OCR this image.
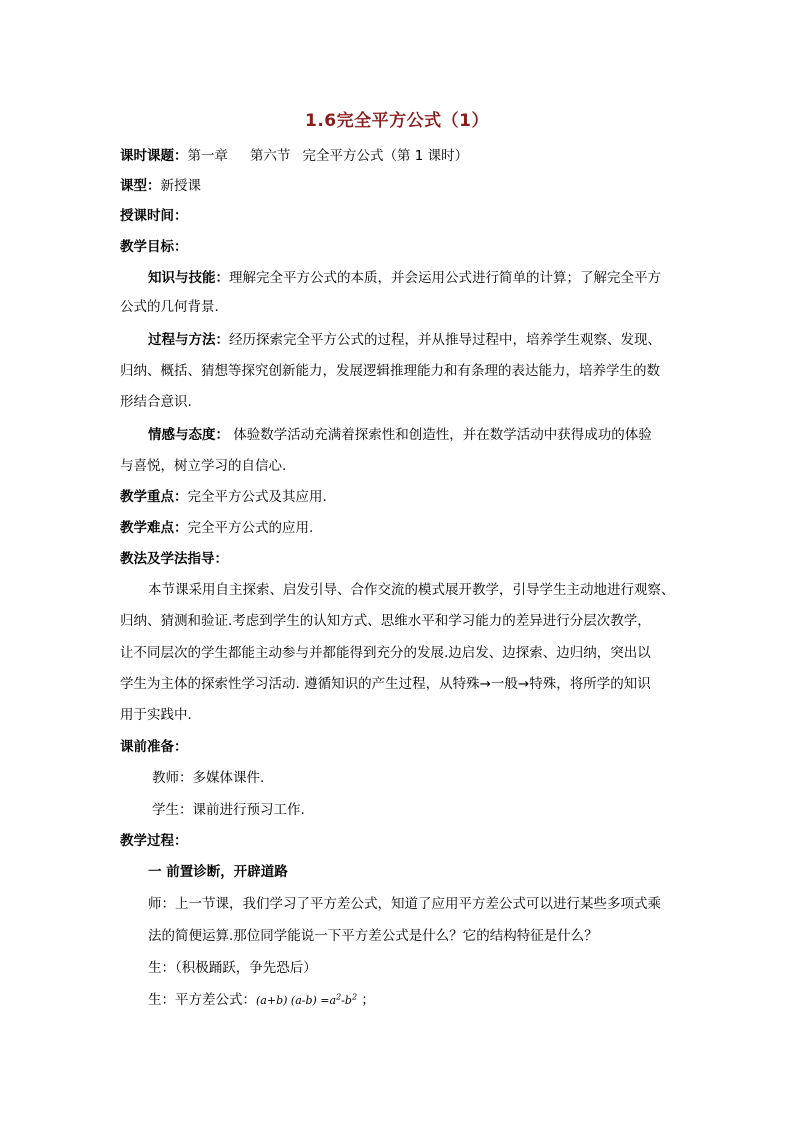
1.6完全平方公式（1）
课时课题：第一章 第六节 完全平方公式（第 1 课时）
课型：新授课
授课时间：
教学目标：
知识与技能：理解完全平方公式的本质，并会运用公式进行简单的计算；了解完全平方
公式的几何背景.
过程与方法：经历探索完全平方公式的过程，并从推导过程中，培养学生观察、发现、
归纳、概括、猜想等探究创新能力，发展逻辑推理能力和有条理的表达能力，培养学生的数
形结合意识.
情感与态度： 体验数学活动充满着探索性和创造性，并在数学活动中获得成功的体验
与喜悦，树立学习的自信心.
教学重点：完全平方公式及其应用.
教学难点：完全平方公式的应用.
教法及学法指导：
本节课采用自主探索、启发引导、合作交流的模式展开教学，引导学生主动地进行观察、
归纳、猜测和验证.考虑到学生的认知方式、思维水平和学习能力的差异进行分层次教学，
让不同层次的学生都能主动参与并都能得到充分的发展.边启发、边探索、边归纳，突出以
学生为主体的探索性学习活动. 遵循知识的产生过程，从特殊→一般→特殊，将所学的知识
用于实践中.
课前准备：
教师：多媒体课件.
学生：课前进行预习工作.
教学过程：
一 前置诊断，开辟道路
师：上一节课，我们学习了平方差公式，知道了应用平方差公式可以进行某些多项式乘
法的简便运算.那位同学能说一下平方差公式是什么？它的结构特征是什么？
生：（积极踊跃，争先恐后）
生：平方差公式：(a+b) $(a-b) =a^2-b^2$ ；
